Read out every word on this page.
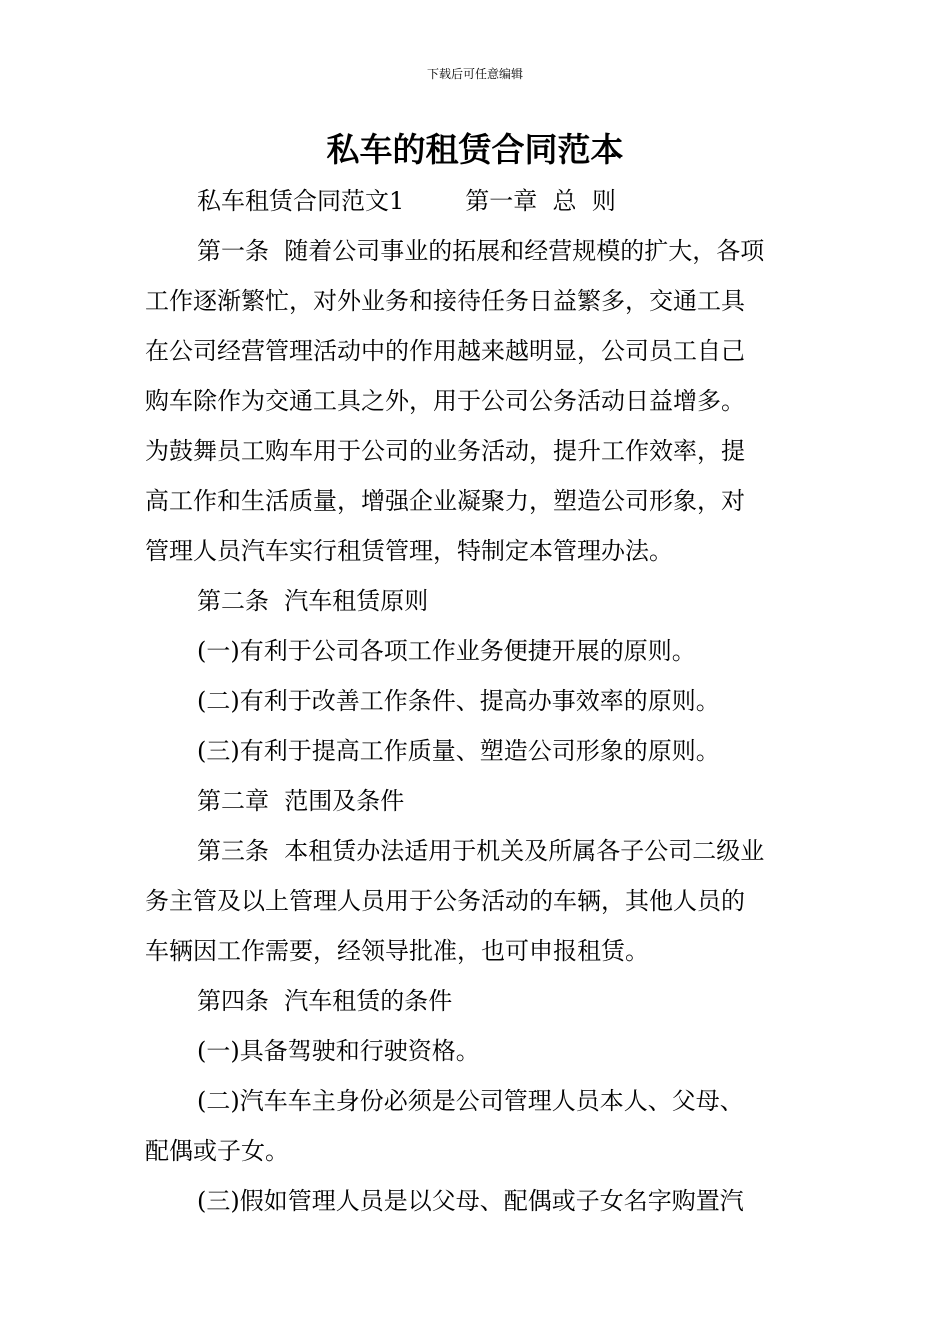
下载后可任意编辑
私车的租赁合同范本
私车租赁合同范文1        第一章  总  则
第一条  随着公司事业的拓展和经营规模的扩大，各项
工作逐渐繁忙，对外业务和接待任务日益繁多，交通工具
在公司经营管理活动中的作用越来越明显，公司员工自己
购车除作为交通工具之外，用于公司公务活动日益增多。
为鼓舞员工购车用于公司的业务活动，提升工作效率，提
高工作和生活质量，增强企业凝聚力，塑造公司形象，对
管理人员汽车实行租赁管理，特制定本管理办法。
第二条  汽车租赁原则
(一)有利于公司各项工作业务便捷开展的原则。
(二)有利于改善工作条件、提高办事效率的原则。
(三)有利于提高工作质量、塑造公司形象的原则。
第二章  范围及条件
第三条  本租赁办法适用于机关及所属各子公司二级业
务主管及以上管理人员用于公务活动的车辆，其他人员的
车辆因工作需要，经领导批准，也可申报租赁。
第四条  汽车租赁的条件
(一)具备驾驶和行驶资格。
(二)汽车车主身份必须是公司管理人员本人、父母、
配偶或子女。
(三)假如管理人员是以父母、配偶或子女名字购置汽
